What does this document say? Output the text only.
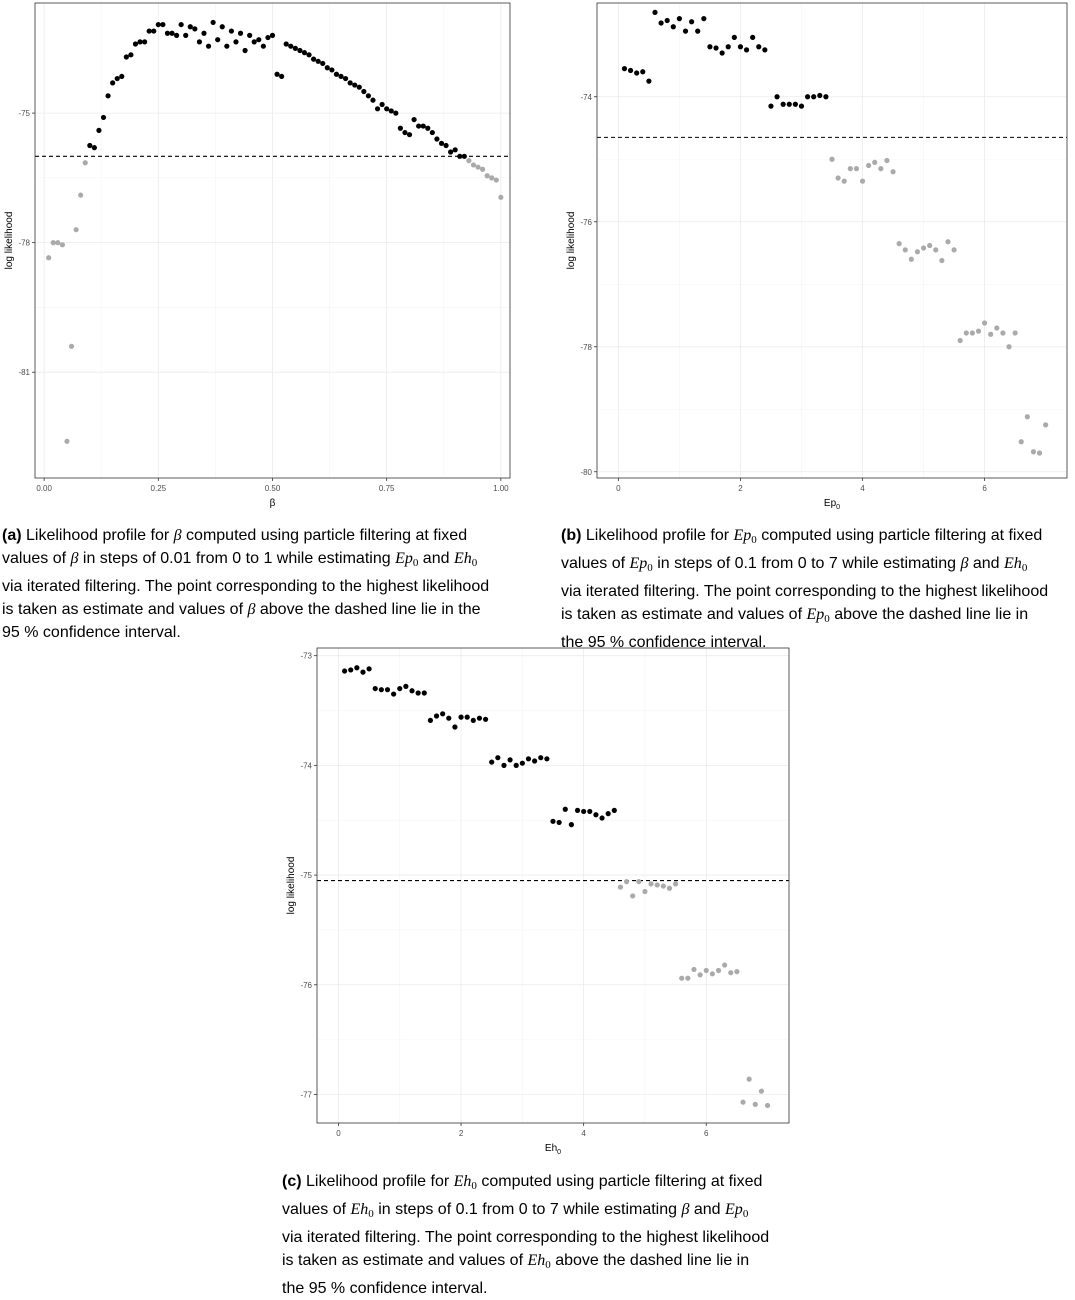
0.00	0.25	0.50	0.75	1.00
-75
-78
-81
β
log likelihood
(a) Likelihood profile for β computed using particle filtering at fixed
values of β in steps of 0.01 from 0 to 1 while estimating $Ep_0$ and $Eh_0$
via iterated filtering. The point corresponding to the highest likelihood
is taken as estimate and values of β above the dashed line lie in the
95 % confidence interval.
0	2	4	6
-74
-76
-78
-80
$Ep_0$
log likelihood
(b) Likelihood profile for $Ep_0$ computed using particle filtering at fixed
values of $Ep_0$ in steps of 0.1 from 0 to 7 while estimating β and $Eh_0$
via iterated filtering. The point corresponding to the highest likelihood
is taken as estimate and values of $Ep_0$ above the dashed line lie in
the 95 % confidence interval.
0	2	4	6
-73
-74
-75
-76
-77
$Eh_0$
log likelihood
(c) Likelihood profile for $Eh_0$ computed using particle filtering at fixed
values of $Eh_0$ in steps of 0.1 from 0 to 7 while estimating β and $Ep_0$
via iterated filtering. The point corresponding to the highest likelihood
is taken as estimate and values of $Eh_0$ above the dashed line lie in
the 95 % confidence interval.
